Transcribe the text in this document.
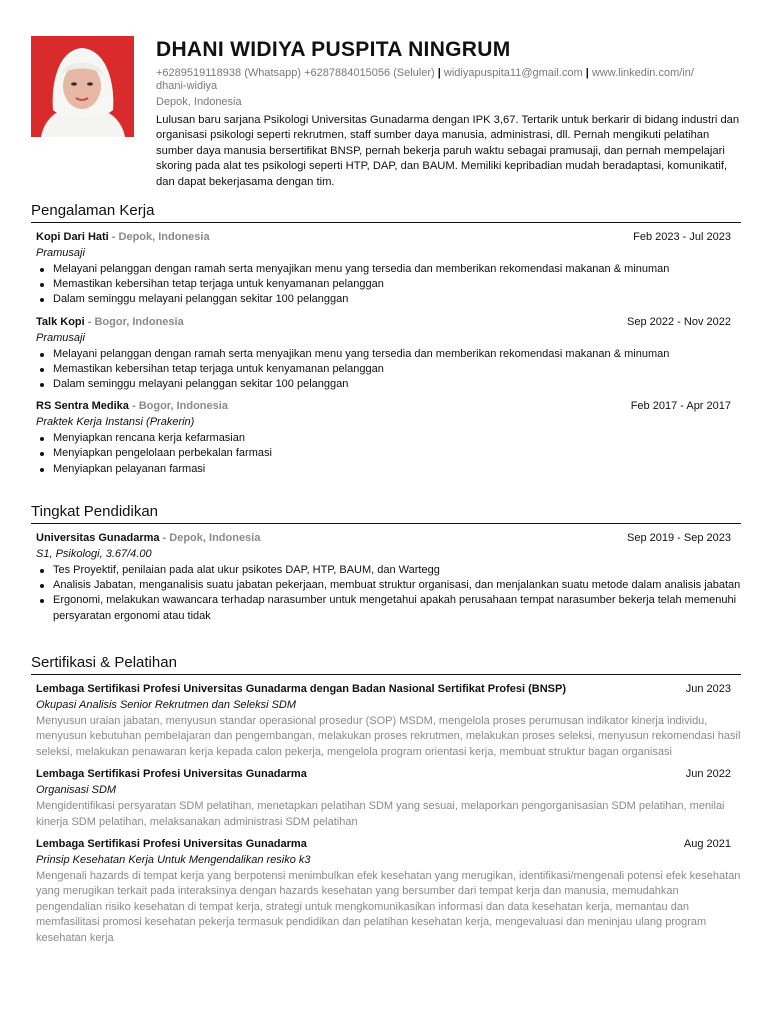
DHANI WIDIYA PUSPITA NINGRUM
+6289519118938 (Whatsapp) +6287884015056 (Seluler) | widiyapuspita11@gmail.com | www.linkedin.com/in/
dhani-widiya
Depok, Indonesia
Lulusan baru sarjana Psikologi Universitas Gunadarma dengan IPK 3,67. Tertarik untuk berkarir di bidang industri dan organisasi psikologi seperti rekrutmen, staff sumber daya manusia, administrasi, dll. Pernah mengikuti pelatihan sumber daya manusia bersertifikat BNSP, pernah bekerja paruh waktu sebagai pramusaji, dan pernah mempelajari skoring pada alat tes psikologi seperti HTP, DAP, dan BAUM. Memiliki kepribadian mudah beradaptasi, komunikatif, dan dapat bekerjasama dengan tim.
Pengalaman Kerja
Kopi Dari Hati - Depok, Indonesia	Feb 2023 - Jul 2023
Pramusaji
Melayani pelanggan dengan ramah serta menyajikan menu yang tersedia dan memberikan rekomendasi makanan & minuman
Memastikan kebersihan tetap terjaga untuk kenyamanan pelanggan
Dalam seminggu melayani pelanggan sekitar 100 pelanggan
Talk Kopi - Bogor, Indonesia	Sep 2022 - Nov 2022
Pramusaji
Melayani pelanggan dengan ramah serta menyajikan menu yang tersedia dan memberikan rekomendasi makanan & minuman
Memastikan kebersihan tetap terjaga untuk kenyamanan pelanggan
Dalam seminggu melayani pelanggan sekitar 100 pelanggan
RS Sentra Medika - Bogor, Indonesia	Feb 2017 - Apr 2017
Praktek Kerja Instansi (Prakerin)
Menyiapkan rencana kerja kefarmasian
Menyiapkan pengelolaan perbekalan farmasi
Menyiapkan pelayanan farmasi
Tingkat Pendidikan
Universitas Gunadarma - Depok, Indonesia	Sep 2019 - Sep 2023
S1, Psikologi, 3.67/4.00
Tes Proyektif, penilaian pada alat ukur psikotes DAP, HTP, BAUM, dan Wartegg
Analisis Jabatan, menganalisis suatu jabatan pekerjaan, membuat struktur organisasi, dan menjalankan suatu metode dalam analisis jabatan
Ergonomi, melakukan wawancara terhadap narasumber untuk mengetahui apakah perusahaan tempat narasumber bekerja telah memenuhi persyaratan ergonomi atau tidak
Sertifikasi & Pelatihan
Lembaga Sertifikasi Profesi Universitas Gunadarma dengan Badan Nasional Sertifikat Profesi (BNSP)	Jun 2023
Okupasi Analisis Senior Rekrutmen dan Seleksi SDM
Menyusun uraian jabatan, menyusun standar operasional prosedur (SOP) MSDM, mengelola proses perumusan indikator kinerja individu, menyusun kebutuhan pembelajaran dan pengembangan, melakukan proses rekrutmen, melakukan proses seleksi, menyusun rekomendasi hasil seleksi, melakukan penawaran kerja kepada calon pekerja, mengelola program orientasi kerja, membuat struktur bagan organisasi
Lembaga Sertifikasi Profesi Universitas Gunadarma	Jun 2022
Organisasi SDM
Mengidentifikasi persyaratan SDM pelatihan, menetapkan pelatihan SDM yang sesuai, melaporkan pengorganisasian SDM pelatihan, menilai kinerja SDM pelatihan, melaksanakan administrasi SDM pelatihan
Lembaga Sertifikasi Profesi Universitas Gunadarma	Aug 2021
Prinsip Kesehatan Kerja Untuk Mengendalikan resiko k3
Mengenali hazards di tempat kerja yang berpotensi menimbulkan efek kesehatan yang merugikan, identifikasi/mengenali potensi efek kesehatan yang merugikan terkait pada interaksinya dengan hazards kesehatan yang bersumber dari tempat kerja dan manusia, memudahkan pengendalian risiko kesehatan di tempat kerja, strategi untuk mengkomunikasikan informasi dan data kesehatan kerja, memantau dan memfasilitasi promosi kesehatan pekerja termasuk pendidikan dan pelatihan kesehatan kerja, mengevaluasi dan meninjau ulang program kesehatan kerja
